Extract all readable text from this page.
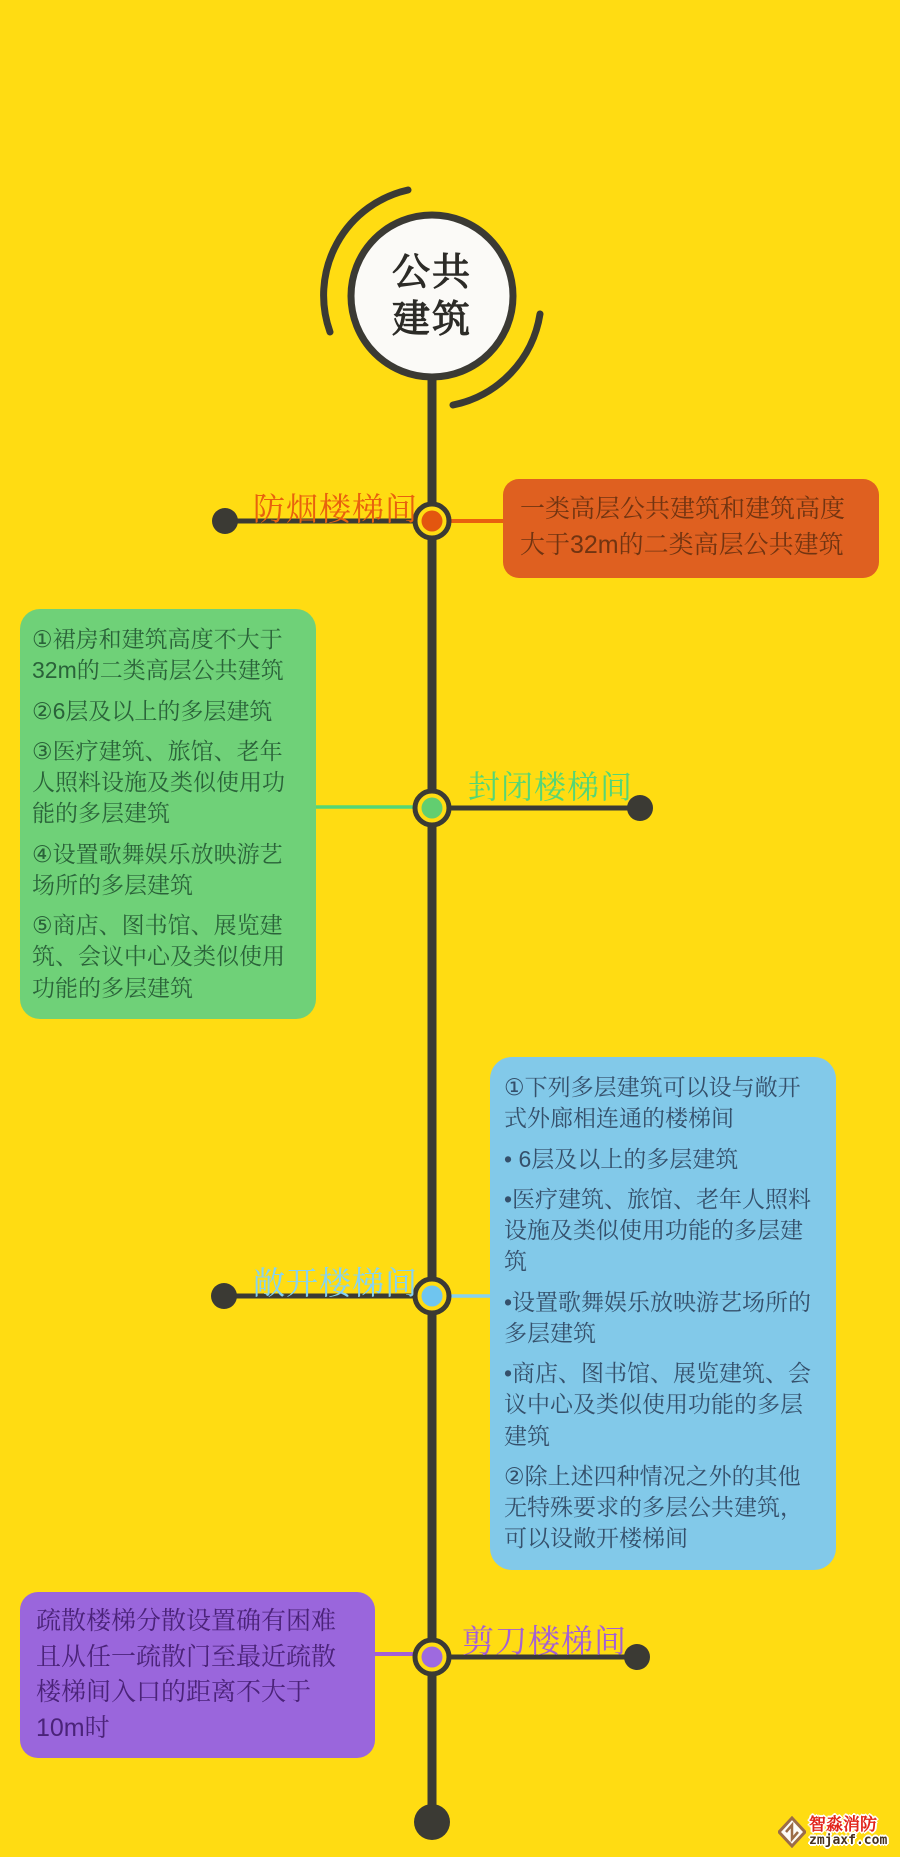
公共
建筑
防烟楼梯间
封闭楼梯间
敞开楼梯间
剪刀楼梯间

一类高层公共建筑和建筑高度大于32m的二类高层公共建筑

①裙房和建筑高度不大于32m的二类高层公共建筑

②6层及以上的多层建筑

③医疗建筑、旅馆、老年人照料设施及类似使用功能的多层建筑

④设置歌舞娱乐放映游艺场所的多层建筑

⑤商店、图书馆、展览建筑、会议中心及类似使用功能的多层建筑

①下列多层建筑可以设与敞开式外廊相连通的楼梯间

• 6层及以上的多层建筑

•医疗建筑、旅馆、老年人照料设施及类似使用功能的多层建筑

•设置歌舞娱乐放映游艺场所的多层建筑

•商店、图书馆、展览建筑、会议中心及类似使用功能的多层建筑

②除上述四种情况之外的其他无特殊要求的多层公共建筑，可以设敞开楼梯间

疏散楼梯分散设置确有困难且从任一疏散门至最近疏散楼梯间入口的距离不大于10m时

智淼消防
zmjaxf.com
